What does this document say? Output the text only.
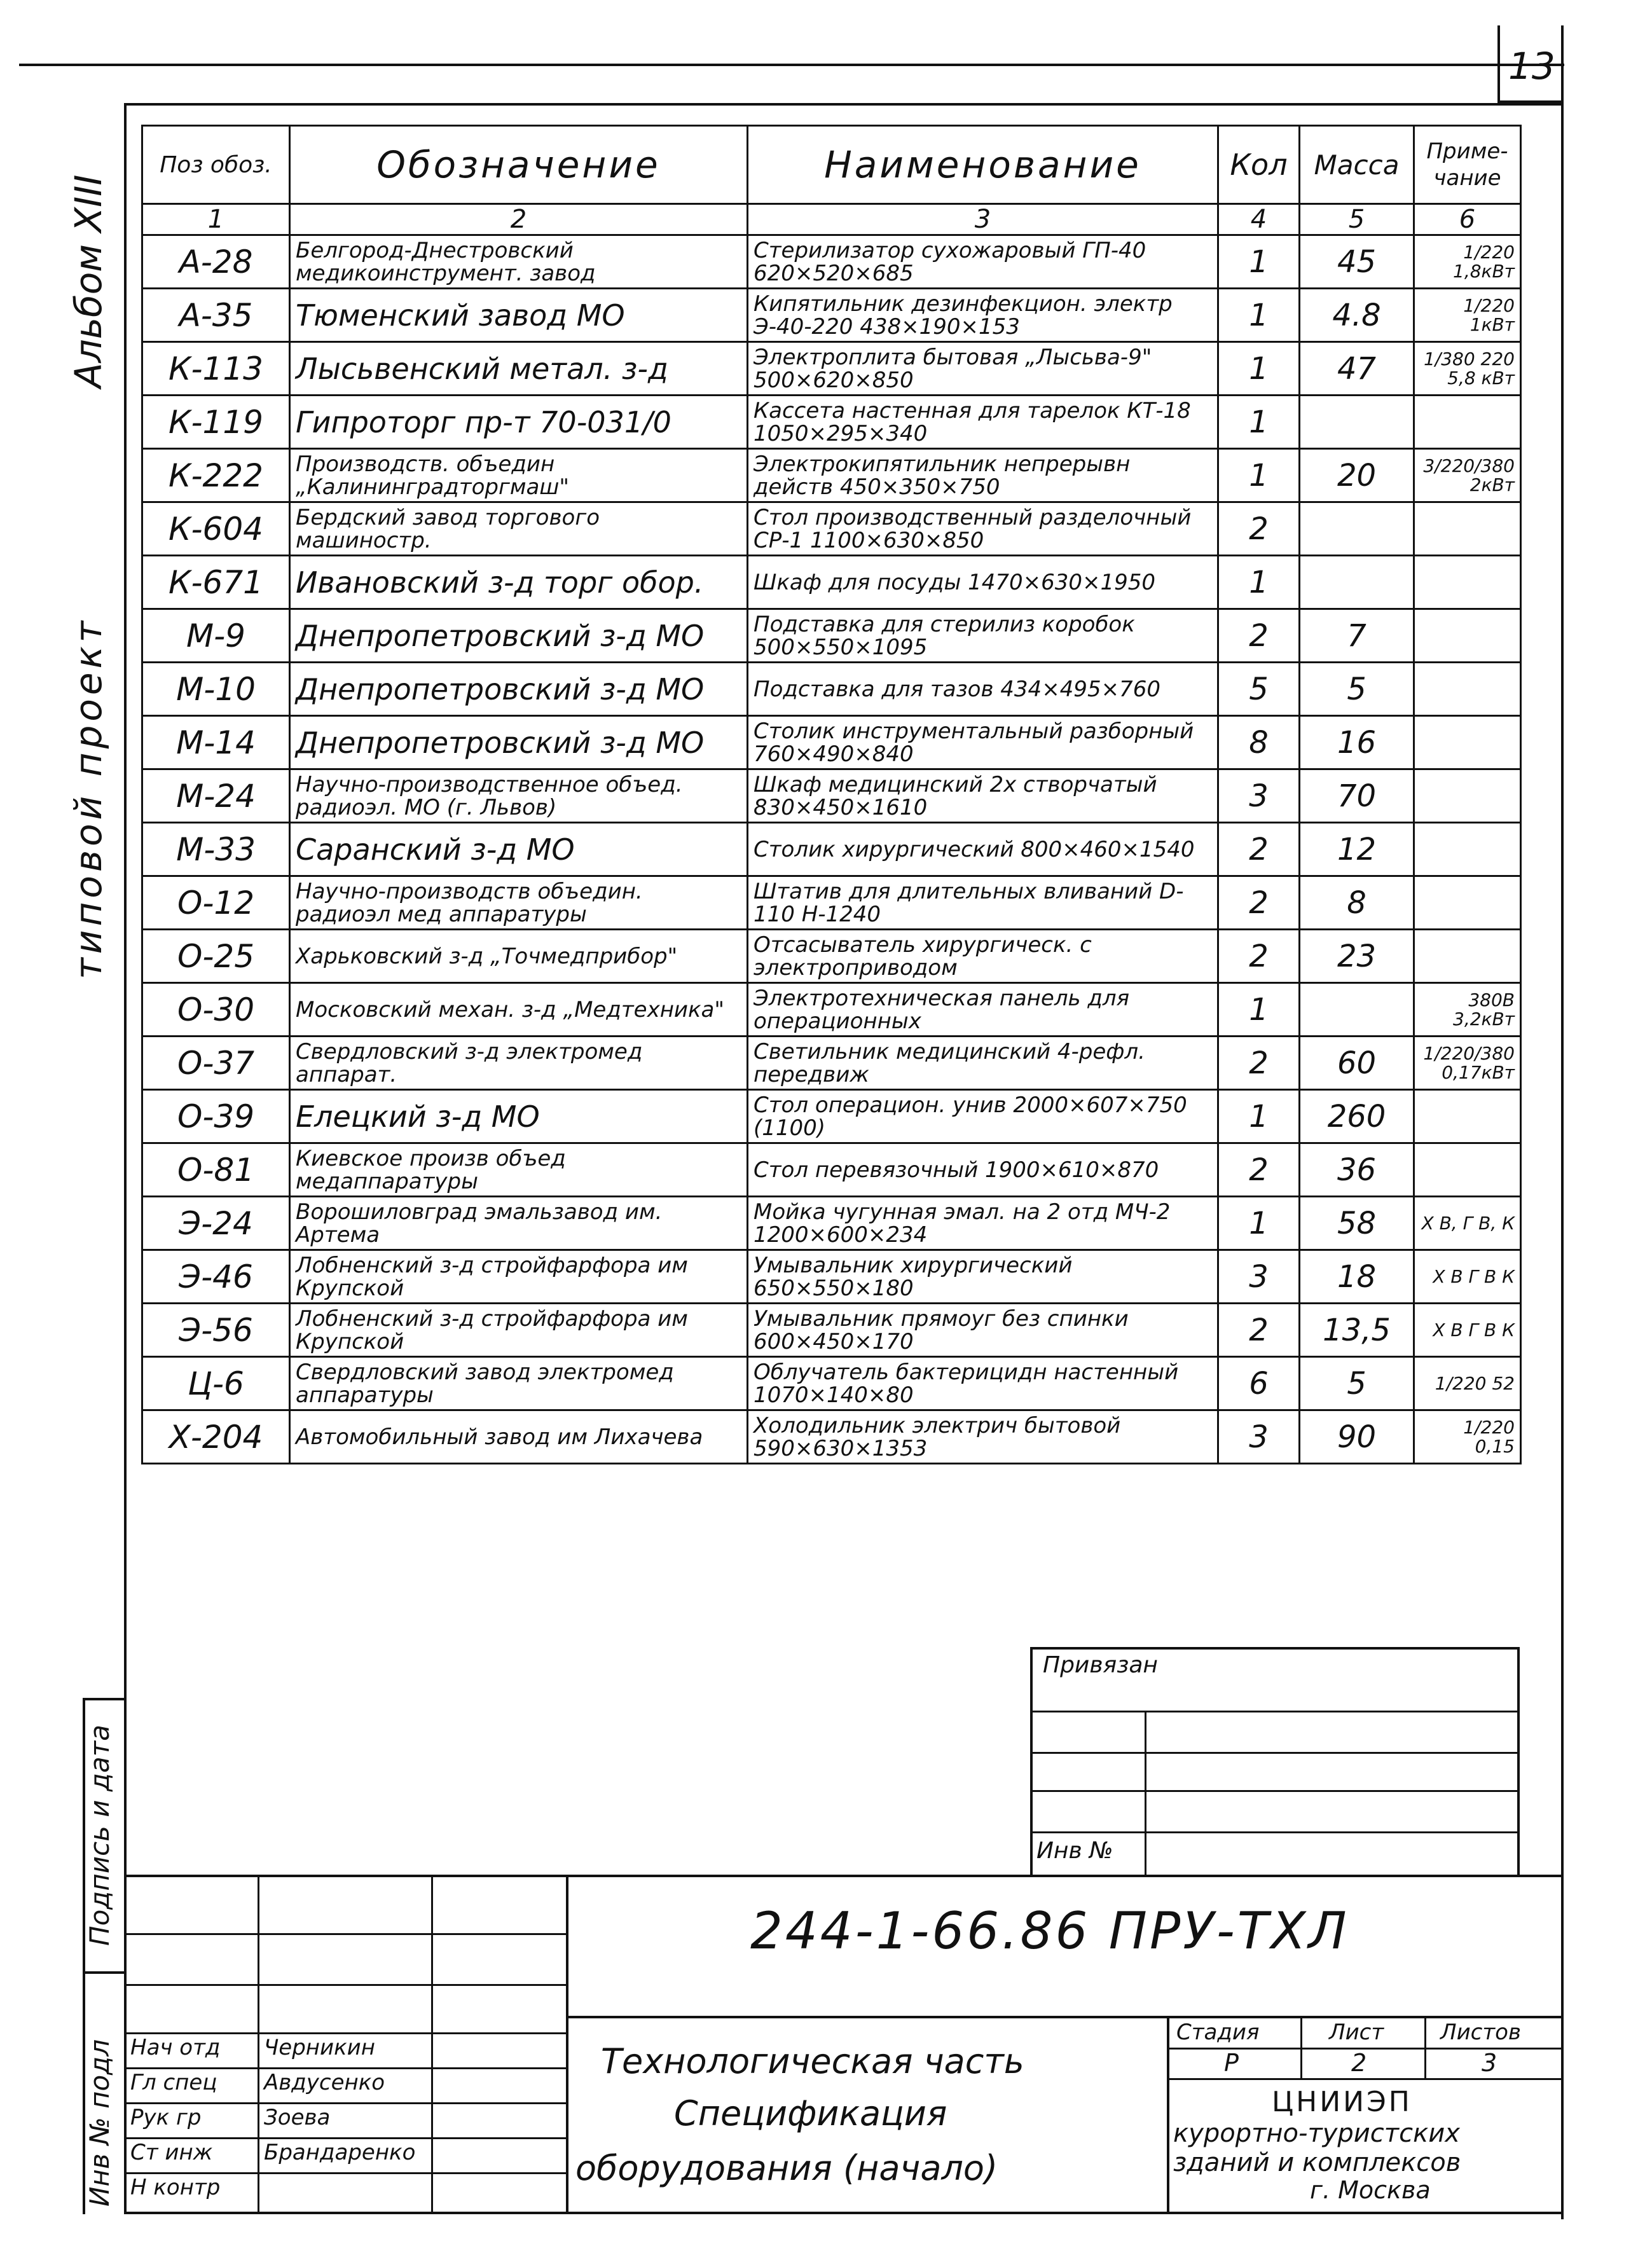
13
Альбом XIII
типовой проект
Подпись и дата
Инв № подл
Поз обоз.	Обозначение	Наименование	Кол	Масса	Приме-чание
1	2	3	4	5	6
А-28	Белгород-Днестровский медикоинструмент. завод	Стерилизатор сухожаровый ГП-40 620×520×685	1	45	1/220 1,8кВт
А-35	Тюменский завод МО	Кипятильник дезинфекцион. электр Э-40-220 438×190×153	1	4.8	1/220 1кВт
К-113	Лысьвенский метал. з-д	Электроплита бытовая „Лысьва-9" 500×620×850	1	47	1/380 220 5,8 кВт
К-119	Гипроторг пр-т 70-031/0	Кассета настенная для тарелок КТ-18 1050×295×340	1		
К-222	Производств. объедин „Калининградторгмаш"	Электрокипятильник непрерывн действ 450×350×750	1	20	3/220/380 2кВт
К-604	Бердский завод торгового машиностр.	Стол производственный разделочный СР-1 1100×630×850	2		
К-671	Ивановский з-д торг обор.	Шкаф для посуды 1470×630×1950	1		
М-9	Днепропетровский з-д МО	Подставка для стерилиз коробок 500×550×1095	2	7	
М-10	Днепропетровский з-д МО	Подставка для тазов 434×495×760	5	5	
М-14	Днепропетровский з-д МО	Столик инструментальный разборный 760×490×840	8	16	
М-24	Научно-производственное объед. радиоэл. МО (г. Львов)	Шкаф медицинский 2х створчатый 830×450×1610	3	70	
М-33	Саранский з-д МО	Столик хирургический 800×460×1540	2	12	
О-12	Научно-производств объедин. радиоэл мед аппаратуры	Штатив для длительных вливаний D-110 H-1240	2	8	
О-25	Харьковский з-д „Точмедприбор"	Отсасыватель хирургическ. с электроприводом	2	23	
О-30	Московский механ. з-д „Медтехника"	Электротехническая панель для операционных	1		380В 3,2кВт
О-37	Свердловский з-д электромед аппарат.	Светильник медицинский 4-рефл. передвиж	2	60	1/220/380 0,17кВт
О-39	Елецкий з-д МО	Стол операцион. унив 2000×607×750 (1100)	1	260	
О-81	Киевское произв объед медаппаратуры	Стол перевязочный 1900×610×870	2	36	
Э-24	Ворошиловград эмальзавод им. Артема	Мойка чугунная эмал. на 2 отд МЧ-2 1200×600×234	1	58	Х В, Г В, К
Э-46	Лобненский з-д стройфарфора им Крупской	Умывальник хирургический 650×550×180	3	18	Х В Г В К
Э-56	Лобненский з-д стройфарфора им Крупской	Умывальник прямоуг без спинки 600×450×170	2	13,5	Х В Г В К
Ц-6	Свердловский завод электромед аппаратуры	Облучатель бактерицидн настенный 1070×140×80	6	5	1/220 52
Х-204	Автомобильный завод им Лихачева	Холодильник электрич бытовой 590×630×1353	3	90	1/220 0,15
Привязан
Инв №
244-1-66.86 ПРУ-ТХЛ
Нач отд Черникин
Гл спец Авдусенко
Рук гр	Зоева
Ст инж Брандаренко
Н контр
Технологическая часть
Спецификация
оборудования (начало)
Стадия	Лист	Листов
Р	2	3
ЦНИИЭП
курортно-туристских
зданий и комплексов
г. Москва
